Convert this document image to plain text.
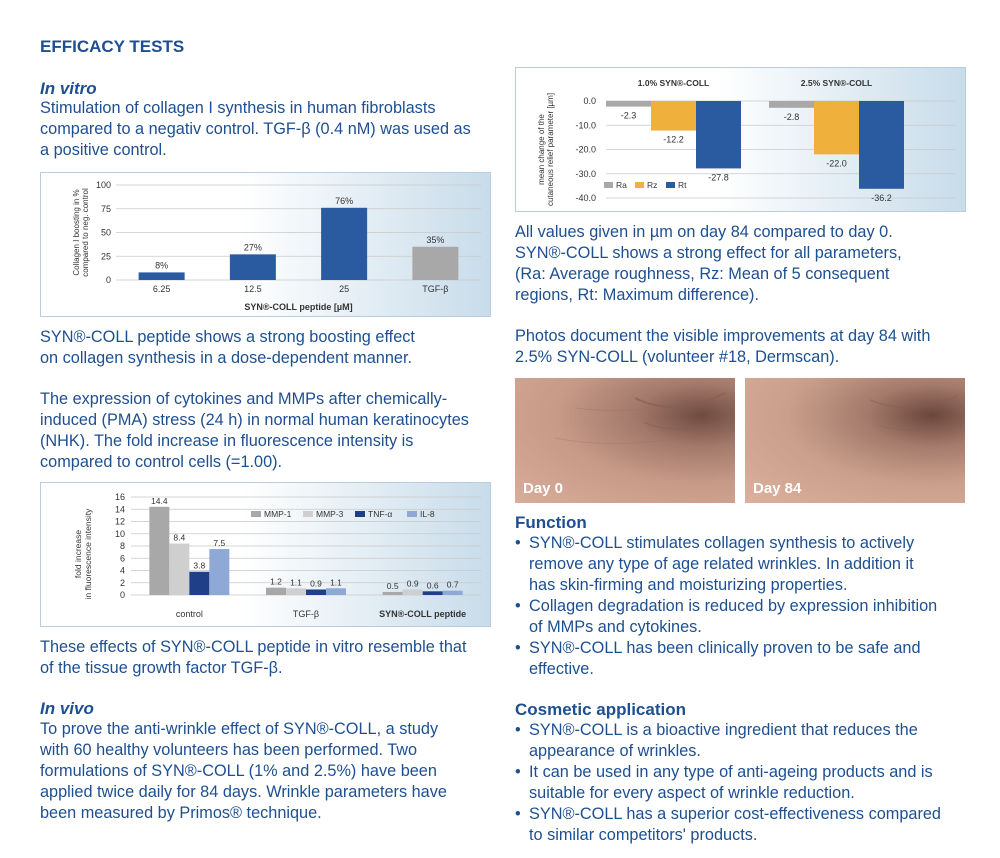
EFFICACY TESTS
In vitro

Stimulation of collagen I synthesis in human fibroblasts

compared to a negativ control. TGF-β (0.4 nM) was used as

a positive control.

100
75
50
25
0
8%
6.25
27%
12.5
76%
25
35%
TGF-β
SYN®-COLL peptide [µM]
Collagen I boosting in %compared to neg. control

SYN®-COLL peptide shows a strong boosting effect

on collagen synthesis in a dose-dependent manner.

The expression of cytokines and MMPs after chemically-

induced (PMA) stress (24 h) in normal human keratinocytes

(NHK). The fold increase in fluorescence intensity is

compared to control cells (=1.00).

16
14
12
10
8
6
4
2
0
14.4
8.4
3.8
7.5
control
1.2 1.1 0.9 1.1
TGF-β
0.5 0.9 0.6 0.7
SYN®-COLL peptide
MMP-1	MMP-3	TNF-α	IL-8
fold increasein fluorescence intensity

These effects of SYN®-COLL peptide in vitro resemble that

of the tissue growth factor TGF-β.

In vivo

To prove the anti-wrinkle effect of SYN®-COLL, a study

with 60 healthy volunteers has been performed. Two

formulations of SYN®-COLL (1% and 2.5%) have been

applied twice daily for 84 days. Wrinkle parameters have

been measured by Primos® technique.

0.0
-10.0
-20.0
-30.0
-40.0
-2.3
-12.2
-27.8
1.0% SYN®-COLL
-2.8
-22.0
-36.2
2.5% SYN®-COLL
Ra Rz Rt
mean change of thecutaneous relief parameter [µm]

All values given in µm on day 84 compared to day 0.

SYN®-COLL shows a strong effect for all parameters,

(Ra: Average roughness, Rz: Mean of 5 consequent

regions, Rt: Maximum difference).

Photos document the visible improvements at day 84 with

2.5% SYN-COLL (volunteer #18, Dermscan).

Day 0	Day 84
Function
• SYN®-COLL stimulates collagen synthesis to actively
remove any type of age related wrinkles. In addition it
has skin-firming and moisturizing properties.
• Collagen degradation is reduced by expression inhibition
of MMPs and cytokines.
• SYN®-COLL has been clinically proven to be safe and
effective.
Cosmetic application
• SYN®-COLL is a bioactive ingredient that reduces the
appearance of wrinkles.
• It can be used in any type of anti-ageing products and is
suitable for every aspect of wrinkle reduction.
• SYN®-COLL has a superior cost-effectiveness compared
to similar competitors' products.
